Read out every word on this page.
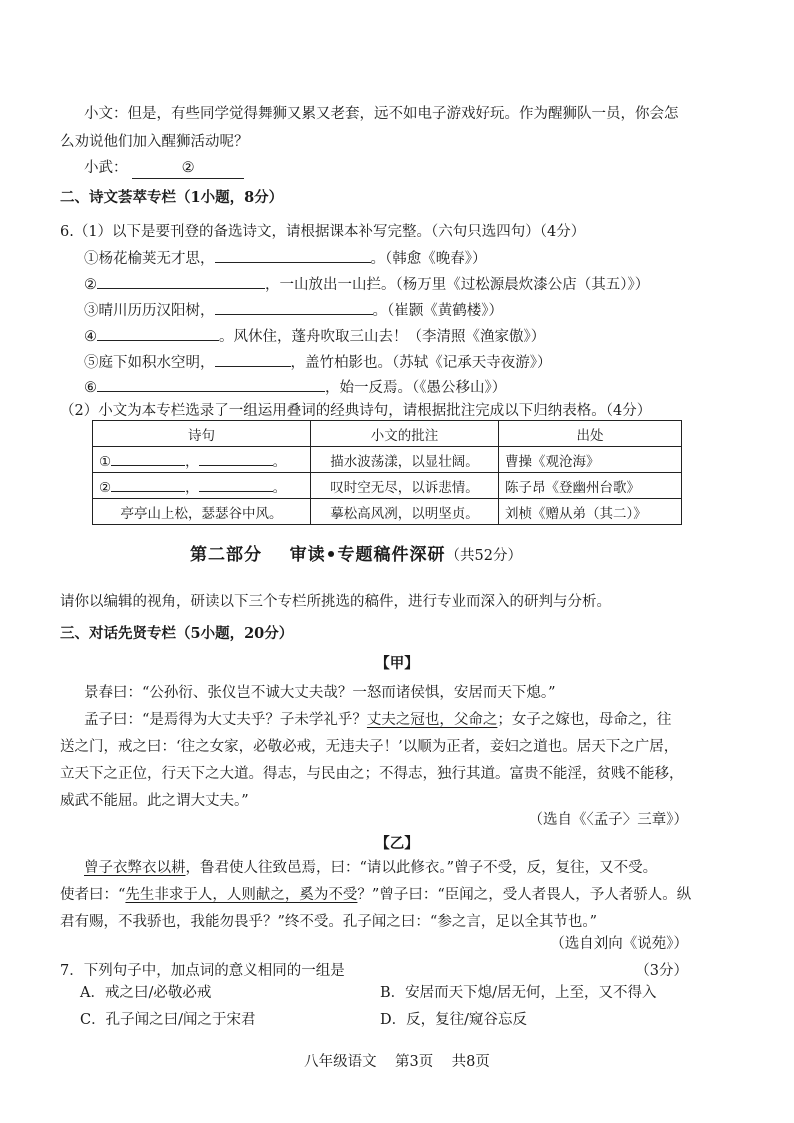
小文：但是，有些同学觉得舞狮又累又老套，远不如电子游戏好玩。作为醒狮队一员，你会怎
么劝说他们加入醒狮活动呢？
小武：	②
二、诗文荟萃专栏（1小题，8分）
6.（1）以下是要刊登的备选诗文，请根据课本补写完整。（六句只选四句）（4分）
①杨花榆荚无才思，	。（韩愈《晚春》）
②	，一山放出一山拦。（杨万里《过松源晨炊漆公店（其五）》）
③晴川历历汉阳树，	。（崔颢《黄鹤楼》）
④	。风休住，蓬舟吹取三山去！（李清照《渔家傲》）
⑤庭下如积水空明，	，盖竹柏影也。（苏轼《记承天寺夜游》）
⑥	，始一反焉。（《愚公移山》）
（2）小文为本专栏选录了一组运用叠词的经典诗句，请根据批注完成以下归纳表格。（4分）
诗句	小文的批注	出处
① ， 。	描水波荡漾，以显壮阔。	曹操《观沧海》
② ， 。	叹时空无尽，以诉悲情。	陈子昂《登幽州台歌》
亭亭山上松，瑟瑟谷中风。	摹松高风冽，以明坚贞。	刘桢《赠从弟（其二）》
第二部分    审读•专题稿件深研（共52分）
请你以编辑的视角，研读以下三个专栏所挑选的稿件，进行专业而深入的研判与分析。
三、对话先贤专栏（5小题，20分）
【甲】
景春曰：“公孙衍、张仪岂不诚大丈夫哉？一怒而诸侯惧，安居而天下熄。”
孟子曰：“是焉得为大丈夫乎？子未学礼乎？丈夫之冠也，父命之；女子之嫁也，母命之，往
送之门，戒之曰：‘往之女家，必敬必戒，无违夫子！’以顺为正者，妾妇之道也。居天下之广居，
立天下之正位，行天下之大道。得志，与民由之；不得志，独行其道。富贵不能淫，贫贱不能移，
威武不能屈。此之谓大丈夫。”
（选自《〈孟子〉三章》）
【乙】
曾子衣弊衣以耕，鲁君使人往致邑焉，曰：“请以此修衣。”曾子不受，反，复往，又不受。
使者曰：“先生非求于人，人则献之，奚为不受？”曾子曰：“臣闻之，受人者畏人，予人者骄人。纵
君有赐，不我骄也，我能勿畏乎？”终不受。孔子闻之曰：“参之言，足以全其节也。”
（选自刘向《说苑》）
7．下列句子中，加点词的意义相同的一组是	（3分）
A．戒之曰/必敬必戒	B．安居而天下熄/居无何，上至，又不得入
C．孔子闻之曰/闻之于宋君	D．反，复往/窥谷忘反
八年级语文    第3页    共8页
